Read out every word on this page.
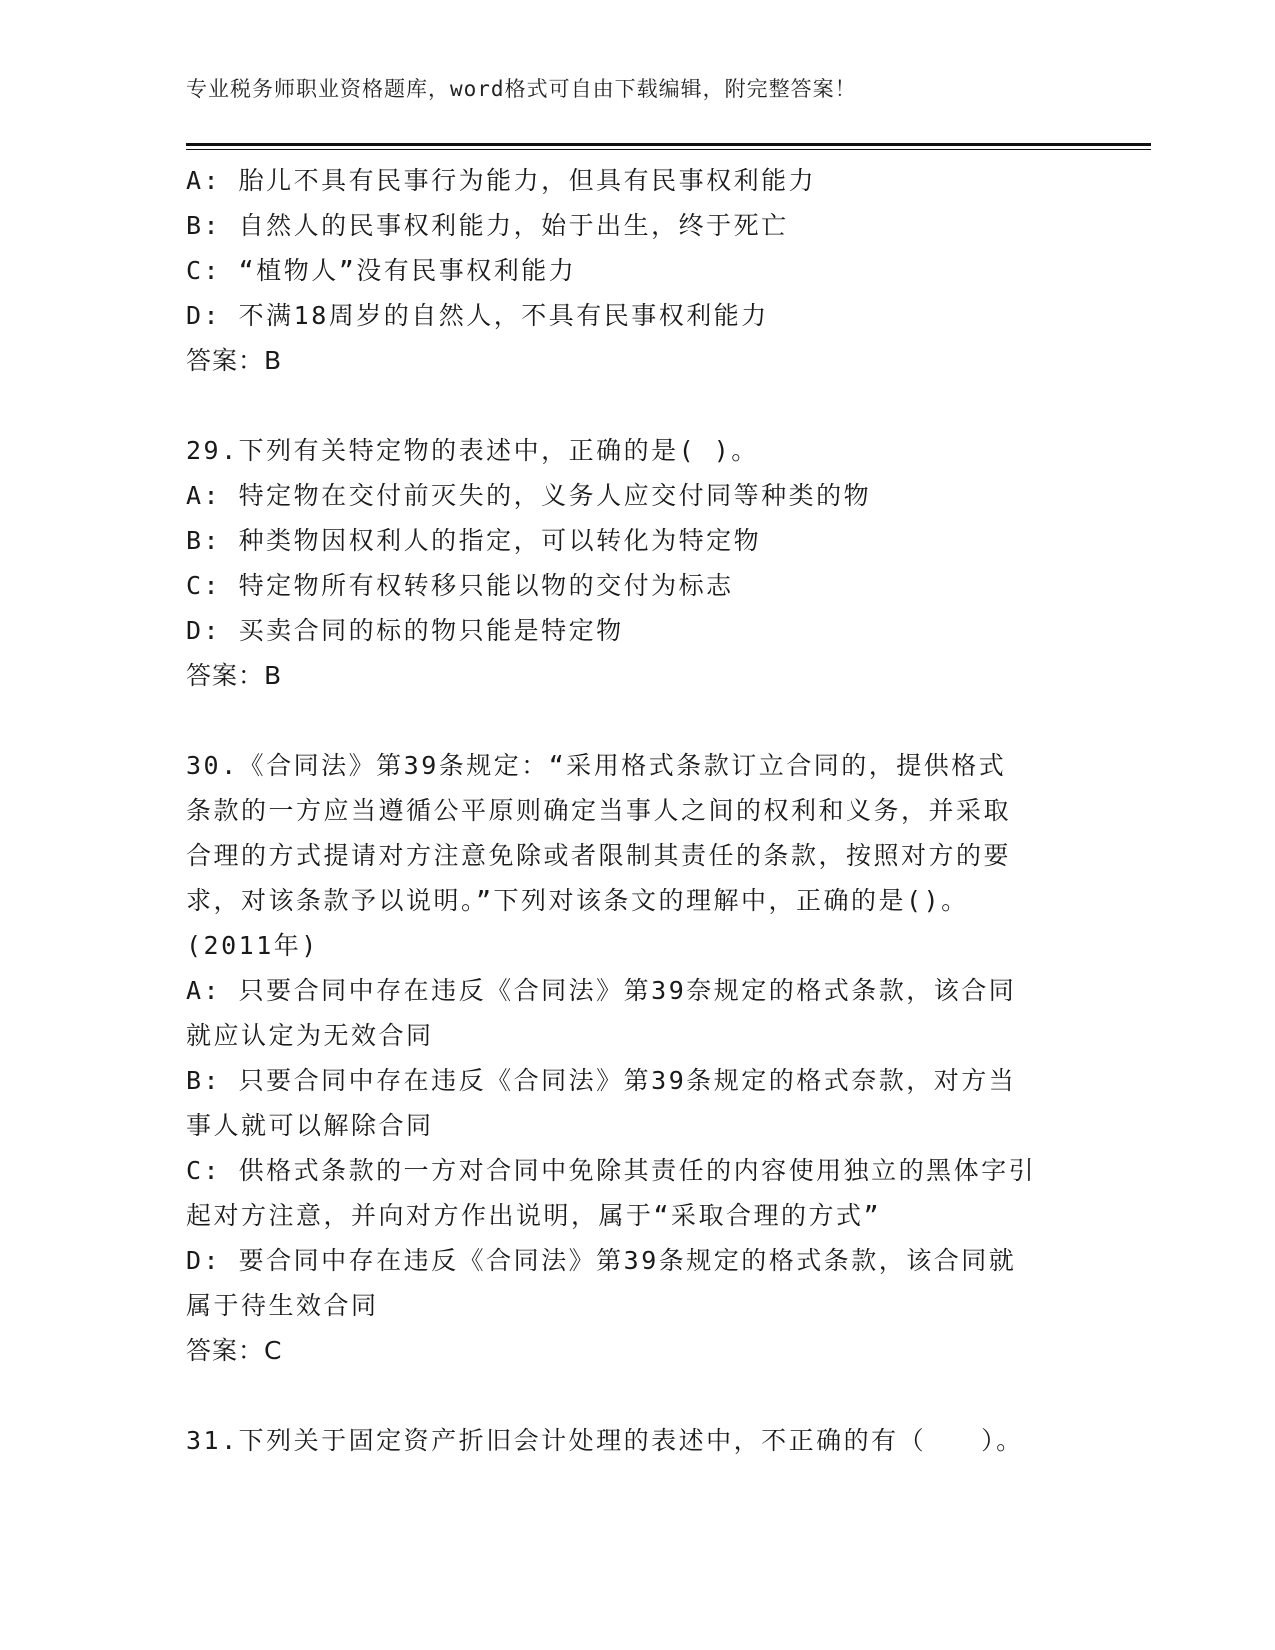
专业税务师职业资格题库，word格式可自由下载编辑，附完整答案！
A: 胎儿不具有民事行为能力，但具有民事权利能力
B: 自然人的民事权利能力，始于出生，终于死亡
C: “植物人”没有民事权利能力
D: 不满18周岁的自然人，不具有民事权利能力
答案：B
29.下列有关特定物的表述中，正确的是( )。
A: 特定物在交付前灭失的，义务人应交付同等种类的物
B: 种类物因权利人的指定，可以转化为特定物
C: 特定物所有权转移只能以物的交付为标志
D: 买卖合同的标的物只能是特定物
答案：B
30.《合同法》第39条规定：“采用格式条款订立合同的，提供格式
条款的一方应当遵循公平原则确定当事人之间的权利和义务，并采取
合理的方式提请对方注意免除或者限制其责任的条款，按照对方的要
求，对该条款予以说明。”下列对该条文的理解中，正确的是()。
(2011年)
A: 只要合同中存在违反《合同法》第39奈规定的格式条款，该合同
就应认定为无效合同
B: 只要合同中存在违反《合同法》第39条规定的格式奈款，对方当
事人就可以解除合同
C: 供格式条款的一方对合同中免除其责任的内容使用独立的黑体字引
起对方注意，并向对方作出说明，属于“采取合理的方式”
D: 要合同中存在违反《合同法》第39条规定的格式条款，该合同就
属于待生效合同
答案：C
31.下列关于固定资产折旧会计处理的表述中，不正确的有（　　）。
